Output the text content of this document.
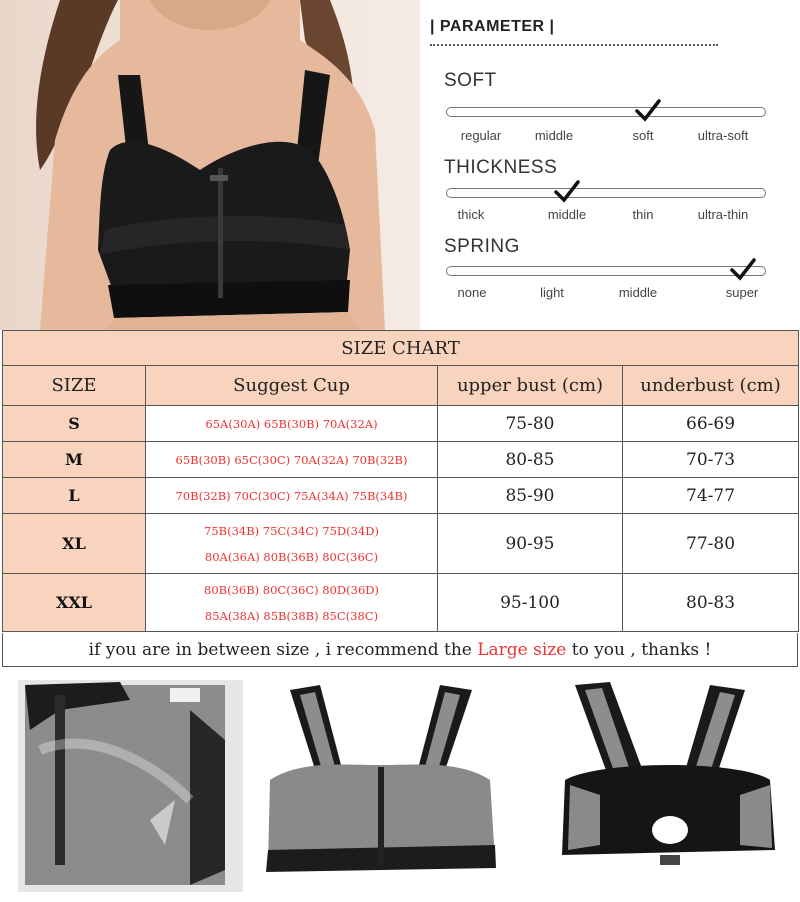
| PARAMETER |
SOFT
regular	middle	soft	ultra-soft
THICKNESS
thick	middle	thin	ultra-thin
SPRING
none	light	middle	super
SIZE CHART			
SIZE	Suggest Cup	upper bust (cm)	underbust (cm)
S	65A(30A) 65B(30B) 70A(32A)	75-80	66-69
M	65B(30B) 65C(30C) 70A(32A) 70B(32B)	80-85	70-73
L	70B(32B) 70C(30C) 75A(34A) 75B(34B)	85-90	74-77
XL	75B(34B) 75C(34C) 75D(34D)
80A(36A) 80B(36B) 80C(36C)	90-95	77-80
XXL	80B(36B) 80C(36C) 80D(36D)
85A(38A) 85B(38B) 85C(38C)	95-100	80-83
if you are in between size , i recommend the Large size to you , thanks !
